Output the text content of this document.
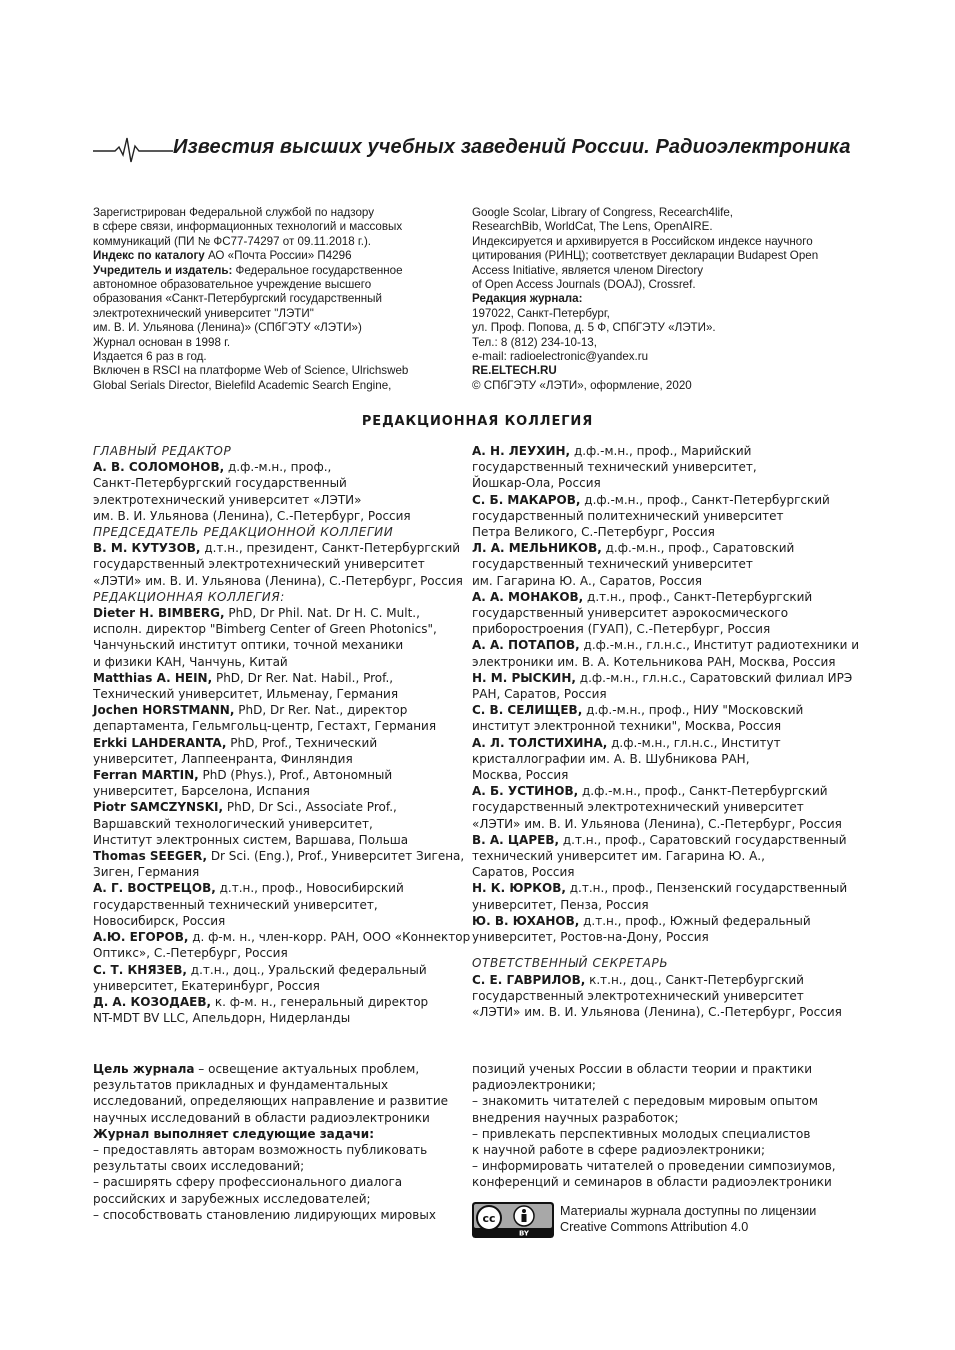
Известия высших учебных заведений России. Радиоэлектроника
Зарегистрирован Федеральной службой по надзору
в сфере связи, информационных технологий и массовых
коммуникаций (ПИ № ФС77-74297 от 09.11.2018 г.).
Индекс по каталогу АО «Почта России» П4296
Учредитель и издатель: Федеральное государственное
автономное образовательное учреждение высшего
образования «Санкт-Петербургский государственный
электротехнический университет "ЛЭТИ"
им. В. И. Ульянова (Ленина)» (СПбГЭТУ «ЛЭТИ»)
Журнал основан в 1998 г.
Издается 6 раз в год.
Включен в RSCI на платформе Web of Science, Ulrichsweb
Global Serials Director, Bielefild Academic Search Engine,
Google Scolar, Library of Congress, Recearch4life,
ResearchBib, WorldCat, The Lens, OpenAIRE.
Индексируется и архивируется в Российском индексе научного
цитирования (РИНЦ); соответствует декларации Budapest Open
Access Initiative, является членом Directory
of Open Access Journals (DOAJ), Crossref.
Редакция журнала:
197022, Санкт-Петербург,
ул. Проф. Попова, д. 5 Ф, СПбГЭТУ «ЛЭТИ».
Тел.: 8 (812) 234-10-13,
e-mail: radioelectronic@yandex.ru
RE.ELTECH.RU
© СПбГЭТУ «ЛЭТИ», оформление, 2020
РЕДАКЦИОННАЯ КОЛЛЕГИЯ
ГЛАВНЫЙ РЕДАКТОР
А. В. СОЛОМОНОВ, д.ф.-м.н., проф.,
Санкт-Петербургский государственный
электротехнический университет «ЛЭТИ»
им. В. И. Ульянова (Ленина), С.-Петербург, Россия
ПРЕДСЕДАТЕЛЬ РЕДАКЦИОННОЙ КОЛЛЕГИИ
В. М. КУТУЗОВ, д.т.н., президент, Санкт-Петербургский
государственный электротехнический университет
«ЛЭТИ» им. В. И. Ульянова (Ленина), С.-Петербург, Россия
РЕДАКЦИОННАЯ КОЛЛЕГИЯ:
Dieter H. BIMBERG, PhD, Dr Phil. Nat. Dr H. C. Mult.,
исполн. директор "Bimberg Center of Green Photonics",
Чанчуньский институт оптики, точной механики
и физики КАН, Чанчунь, Китай
Matthias A. HEIN, PhD, Dr Rer. Nat. Habil., Prof.,
Технический университет, Ильменау, Германия
Jochen HORSTMANN, PhD, Dr Rer. Nat., директор
департамента, Гельмгольц-центр, Гестахт, Германия
Erkki LAHDERANTA, PhD, Prof., Технический
университет, Лаппеенранта, Финляндия
Ferran MARTIN, PhD (Phys.), Prof., Автономный
университет, Барселона, Испания
Piotr SAMCZYNSKI, PhD, Dr Sci., Associate Prof.,
Варшавский технологический университет,
Институт электронных систем, Варшава, Польша
Thomas SEEGER, Dr Sci. (Eng.), Prof., Университет Зигена,
Зиген, Германия
А. Г. ВОСТРЕЦОВ, д.т.н., проф., Новосибирский
государственный технический университет,
Новосибирск, Россия
А.Ю. ЕГОРОВ, д. ф-м. н., член-корр. РАН, ООО «Коннектор
Оптикс», С.-Петербург, Россия
С. Т. КНЯЗЕВ, д.т.н., доц., Уральский федеральный
университет, Екатеринбург, Россия
Д. А. КОЗОДАЕВ, к. ф-м. н., генеральный директор
NT-MDT BV LLC, Апельдорн, Нидерланды
А. Н. ЛЕУХИН, д.ф.-м.н., проф., Марийский
государственный технический университет,
Йошкар-Ола, Россия
С. Б. МАКАРОВ, д.ф.-м.н., проф., Санкт-Петербургский
государственный политехнический университет
Петра Великого, С.-Петербург, Россия
Л. А. МЕЛЬНИКОВ, д.ф.-м.н., проф., Саратовский
государственный технический университет
им. Гагарина Ю. А., Саратов, Россия
А. А. МОНАКОВ, д.т.н., проф., Санкт-Петербургский
государственный университет аэрокосмического
приборостроения (ГУАП), С.-Петербург, Россия
А. А. ПОТАПОВ, д.ф.-м.н., гл.н.с., Институт радиотехники и
электроники им. В. А. Котельникова РАН, Москва, Россия
Н. М. РЫСКИН, д.ф.-м.н., гл.н.с., Саратовский филиал ИРЭ
РАН, Саратов, Россия
С. В. СЕЛИЩЕВ, д.ф.-м.н., проф., НИУ "Московский
институт электронной техники", Москва, Россия
А. Л. ТОЛСТИХИНА, д.ф.-м.н., гл.н.с., Институт
кристаллографии им. А. В. Шубникова РАН,
Москва, Россия
А. Б. УСТИНОВ, д.ф.-м.н., проф., Санкт-Петербургский
государственный электротехнический университет
«ЛЭТИ» им. В. И. Ульянова (Ленина), С.-Петербург, Россия
В. А. ЦАРЕВ, д.т.н., проф., Саратовский государственный
технический университет им. Гагарина Ю. А.,
Саратов, Россия
Н. К. ЮРКОВ, д.т.н., проф., Пензенский государственный
университет, Пенза, Россия
Ю. В. ЮХАНОВ, д.т.н., проф., Южный федеральный
университет, Ростов-на-Дону, Россия
ОТВЕТСТВЕННЫЙ СЕКРЕТАРЬ
С. Е. ГАВРИЛОВ, к.т.н., доц., Санкт-Петербургский
государственный электротехнический университет
«ЛЭТИ» им. В. И. Ульянова (Ленина), С.-Петербург, Россия
Цель журнала – освещение актуальных проблем,
результатов прикладных и фундаментальных
исследований, определяющих направление и развитие
научных исследований в области радиоэлектроники
Журнал выполняет следующие задачи:
– предоставлять авторам возможность публиковать
результаты своих исследований;
– расширять сферу профессионального диалога
российских и зарубежных исследователей;
– способствовать становлению лидирующих мировых
позиций ученых России в области теории и практики
радиоэлектроники;
– знакомить читателей с передовым мировым опытом
внедрения научных разработок;
– привлекать перспективных молодых специалистов
к научной работе в сфере радиоэлектроники;
– информировать читателей о проведении симпозиумов,
конференций и семинаров в области радиоэлектроники
cc
BY
Материалы журнала доступны по лицензии
Creative Commons Attribution 4.0
